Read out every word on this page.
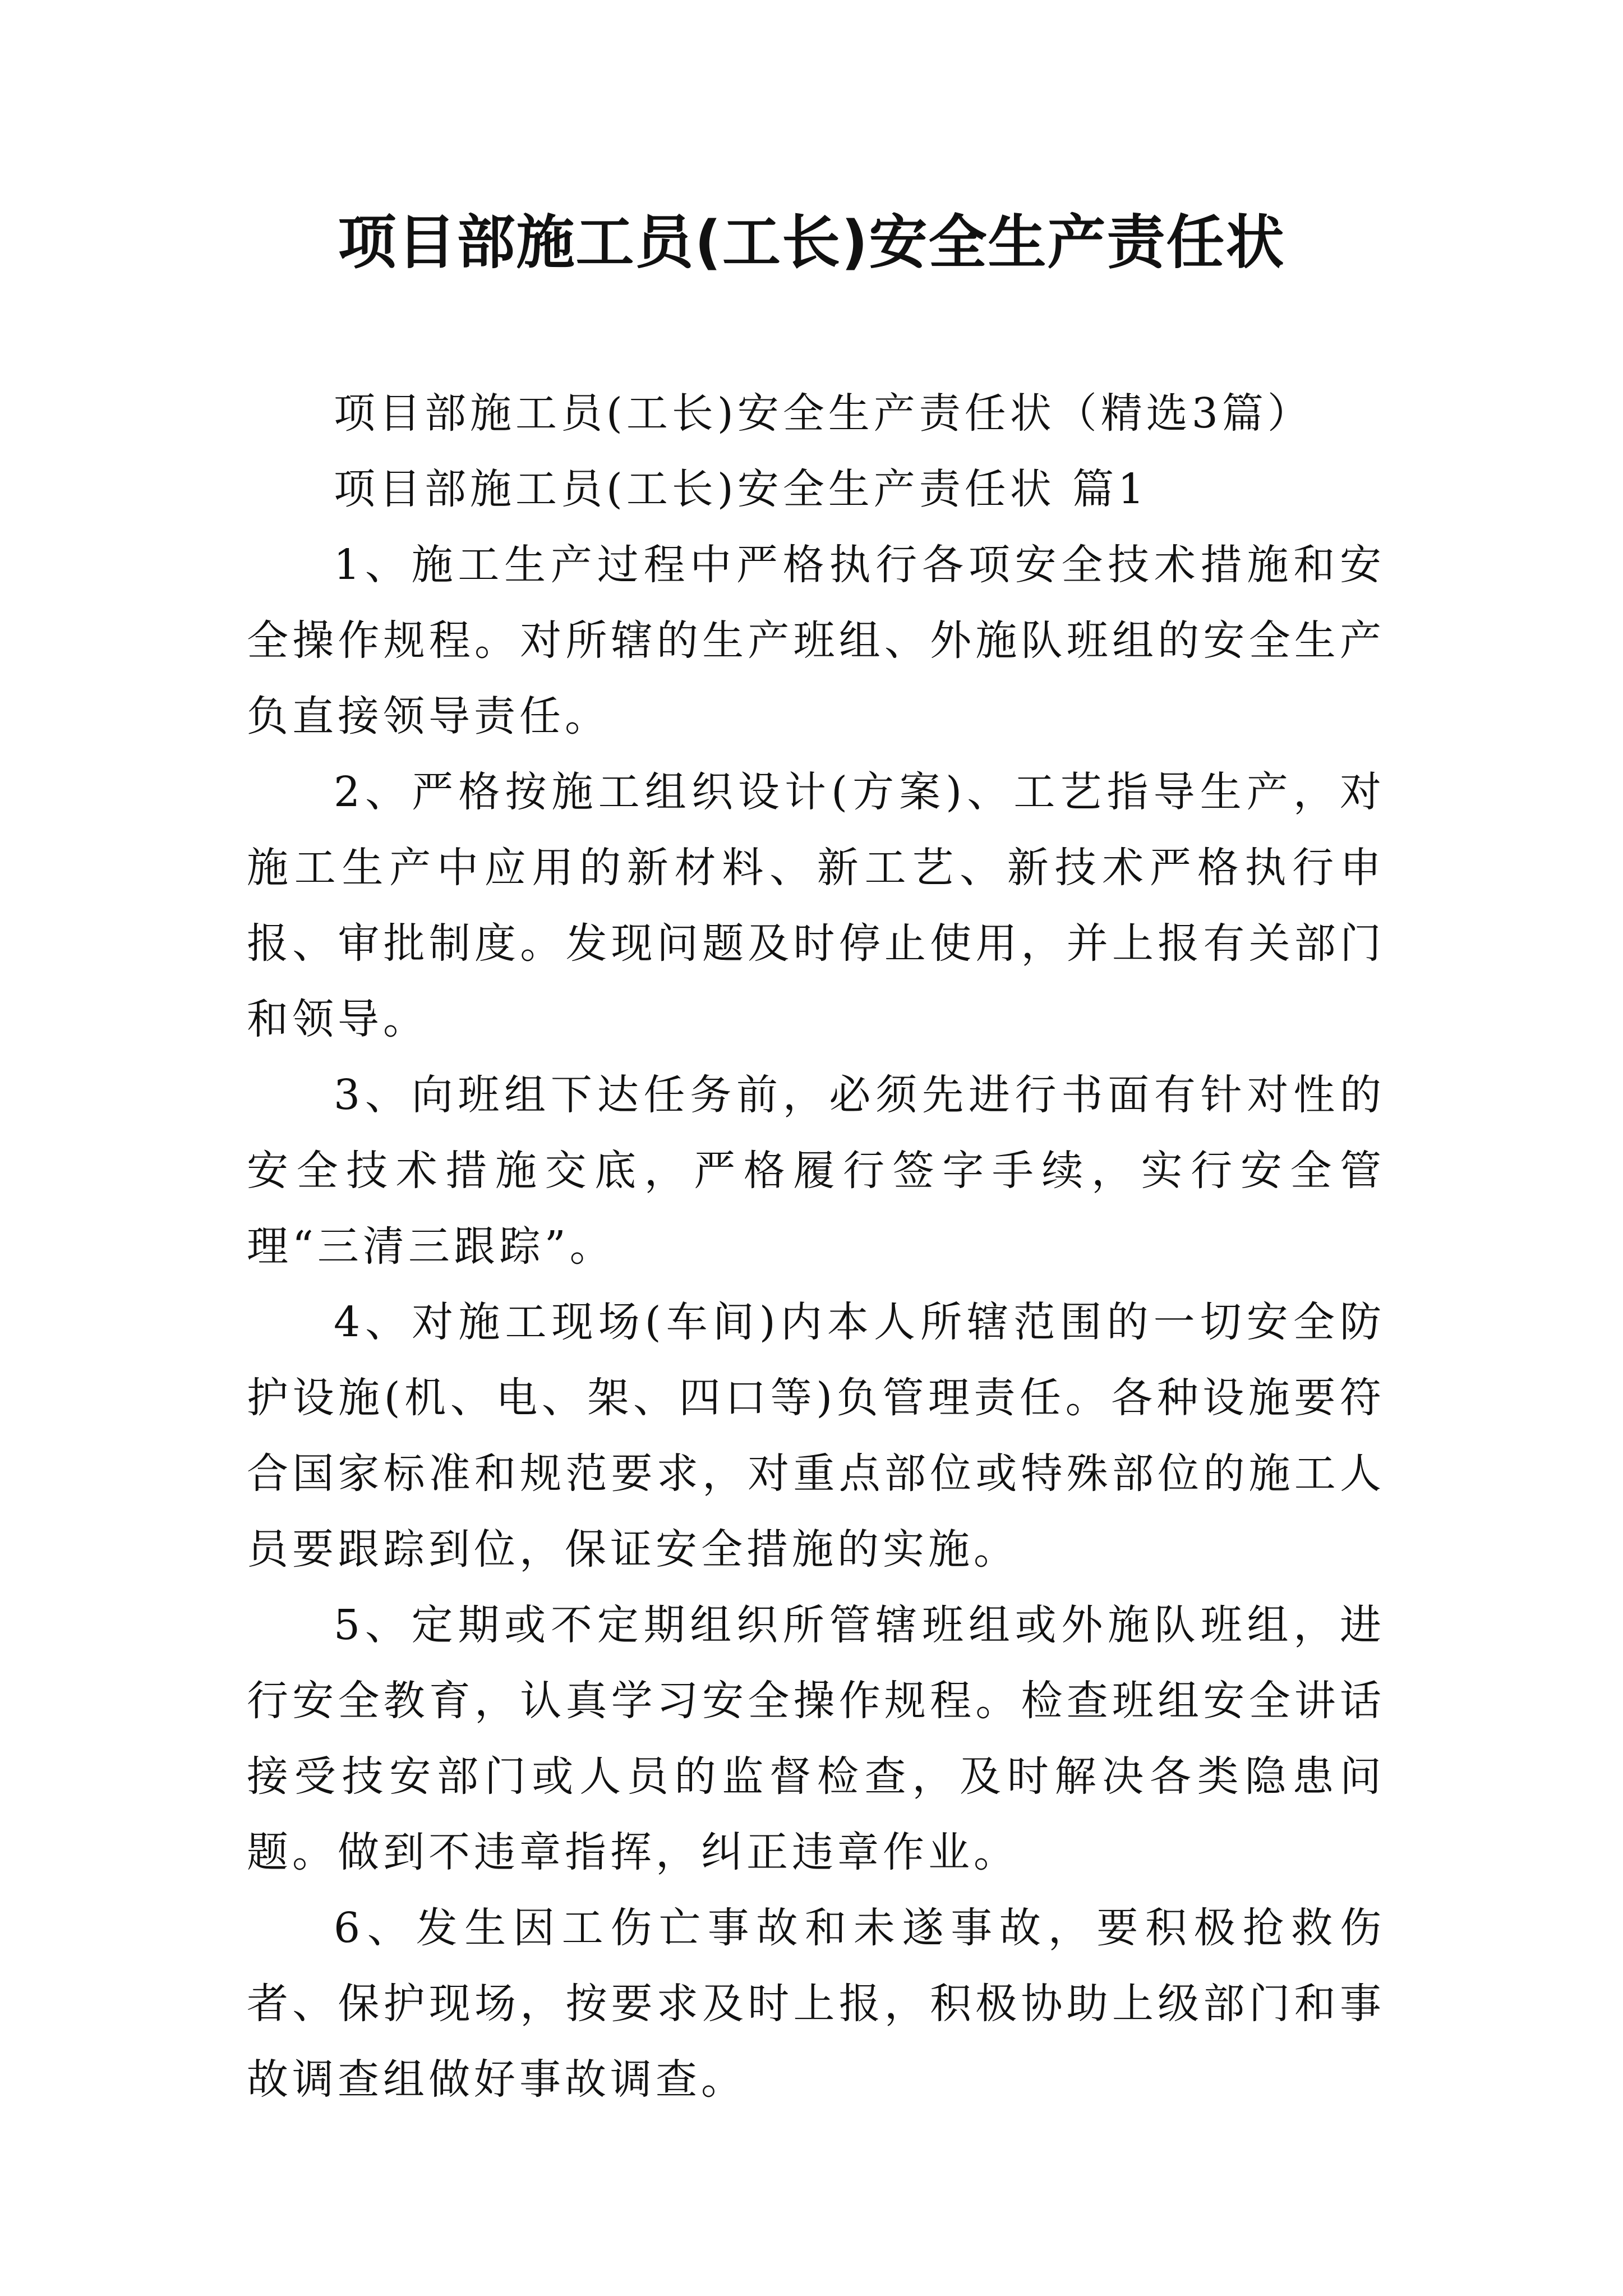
项目部施工员(工长)安全生产责任状

项目部施工员(工长)安全生产责任状（精选3篇）

项目部施工员(工长)安全生产责任状 篇1

1、施工生产过程中严格执行各项安全技术措施和安全操作规程。对所辖的生产班组、外施队班组的安全生产负直接领导责任。

2、严格按施工组织设计(方案)、工艺指导生产，对施工生产中应用的新材料、新工艺、新技术严格执行申报、审批制度。发现问题及时停止使用，并上报有关部门和领导。

3、向班组下达任务前，必须先进行书面有针对性的安全技术措施交底，严格履行签字手续，实行安全管理“三清三跟踪”。

4、对施工现场(车间)内本人所辖范围的一切安全防护设施(机、电、架、四口等)负管理责任。各种设施要符合国家标准和规范要求，对重点部位或特殊部位的施工人员要跟踪到位，保证安全措施的实施。

5、定期或不定期组织所管辖班组或外施队班组，进行安全教育，认真学习安全操作规程。检查班组安全讲话接受技安部门或人员的监督检查，及时解决各类隐患问题。做到不违章指挥，纠正违章作业。

6、发生因工伤亡事故和未遂事故，要积极抢救伤者、保护现场，按要求及时上报，积极协助上级部门和事故调查组做好事故调查。
